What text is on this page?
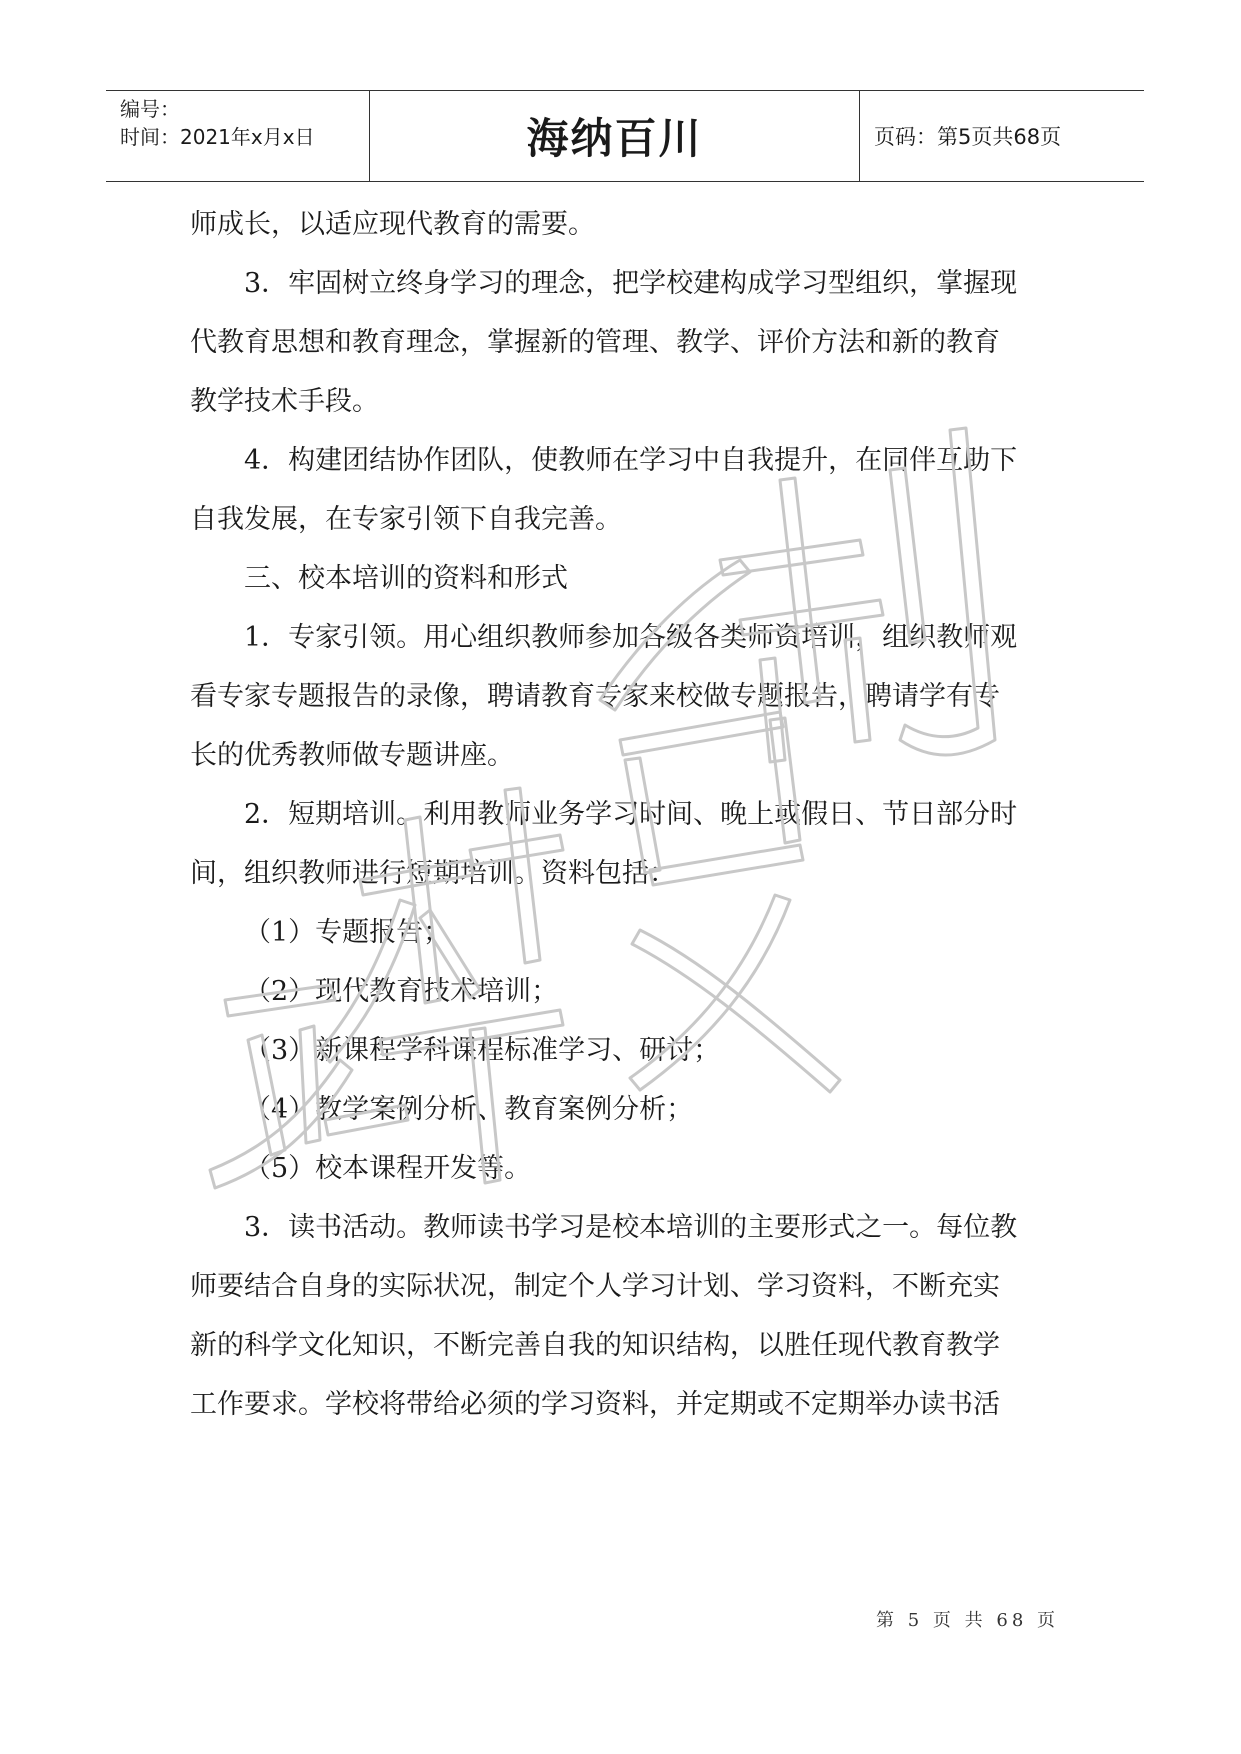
编号：
时间：2021年x月x日	海纳百川	页码：第5页共68页

师成长，以适应现代教育的需要。

3．牢固树立终身学习的理念，把学校建构成学习型组织，掌握现

代教育思想和教育理念，掌握新的管理、教学、评价方法和新的教育

教学技术手段。

4．构建团结协作团队，使教师在学习中自我提升，在同伴互助下

自我发展，在专家引领下自我完善。

三、校本培训的资料和形式

1．专家引领。用心组织教师参加各级各类师资培训，组织教师观

看专家专题报告的录像，聘请教育专家来校做专题报告，聘请学有专

长的优秀教师做专题讲座。

2．短期培训。利用教师业务学习时间、晚上或假日、节日部分时

间，组织教师进行短期培训。资料包括：

（1）专题报告；

（2）现代教育技术培训；

（3）新课程学科课程标准学习、研讨；

（4）教学案例分析、教育案例分析；

（5）校本课程开发等。

3．读书活动。教师读书学习是校本培训的主要形式之一。每位教

师要结合自身的实际状况，制定个人学习计划、学习资料，不断充实

新的科学文化知识，不断完善自我的知识结构，以胜任现代教育教学

工作要求。学校将带给必须的学习资料，并定期或不定期举办读书活

第 5 页 共 68 页
